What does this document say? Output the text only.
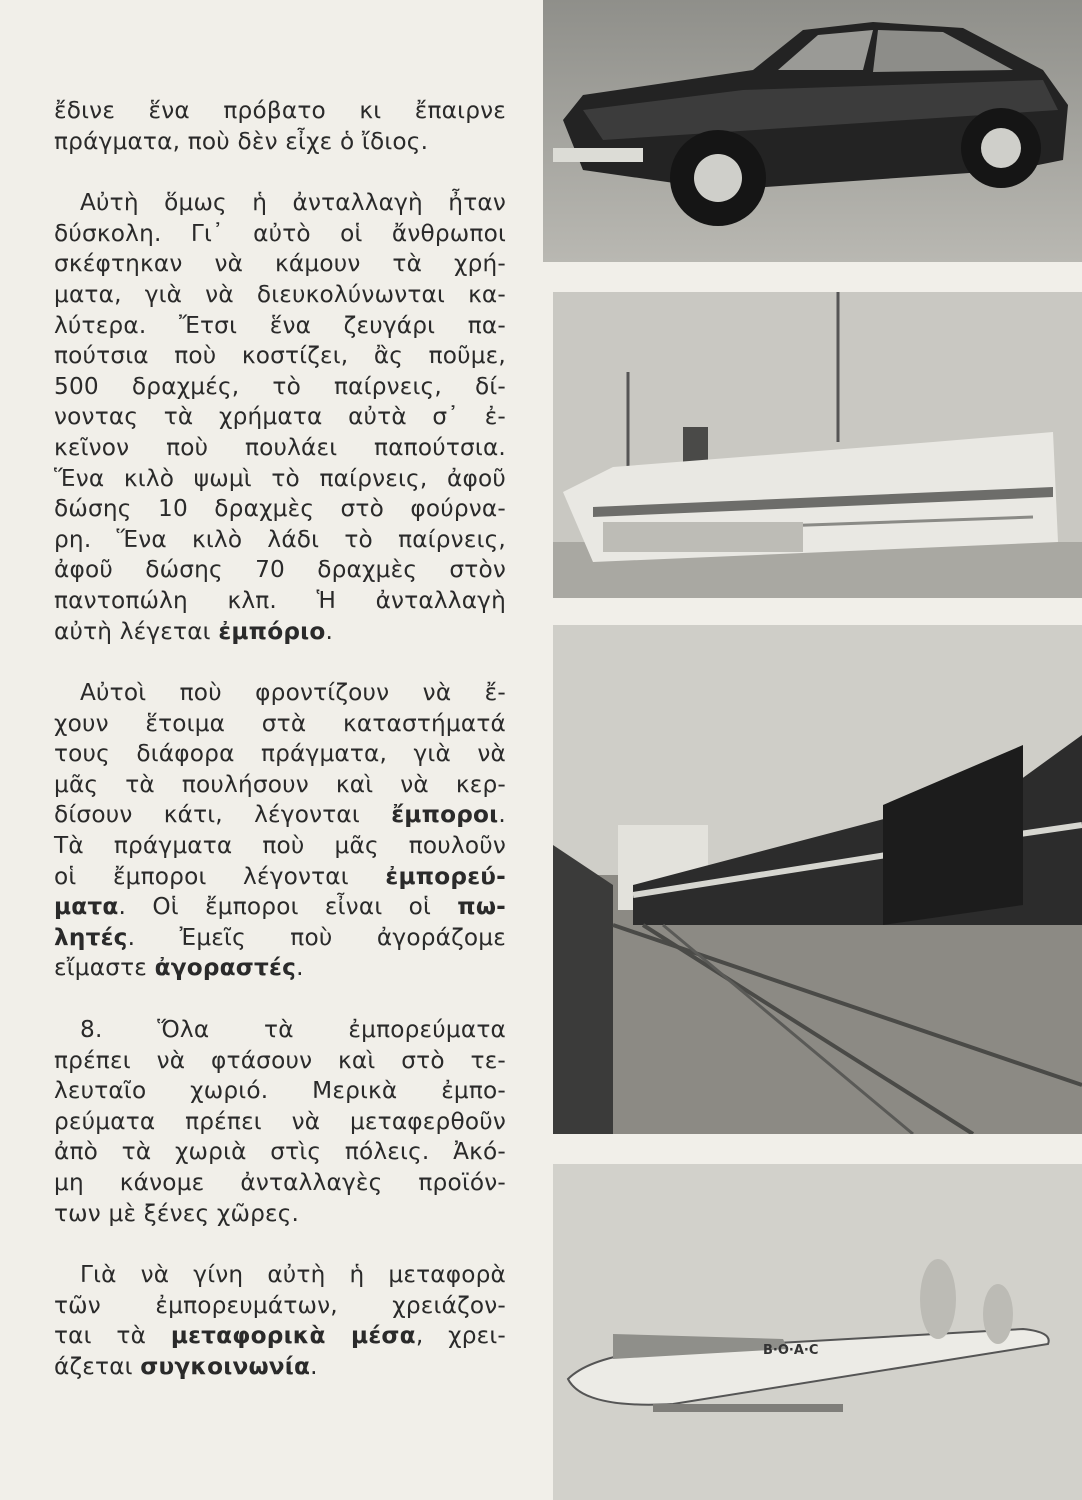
ἔδινε ἕνα πρόβατο κι ἔπαιρνε
πράγματα, ποὺ δὲν εἶχε ὁ ἴδιος.

Αὐτὴ ὅμως ἡ ἀνταλλαγὴ ἦταν
δύσκολη. Γι᾽ αὐτὸ οἱ ἄνθρωποι
σκέφτηκαν νὰ κάμουν τὰ χρή-
ματα, γιὰ νὰ διευκολύνωνται κα-
λύτερα. Ἔτσι ἕνα ζευγάρι πα-
πούτσια ποὺ κοστίζει, ἂς ποῦμε,
500 δραχμές, τὸ παίρνεις, δί-
νοντας τὰ χρήματα αὐτὰ σ᾽ ἐ-
κεῖνον ποὺ πουλάει παπούτσια.
Ἕνα κιλὸ ψωμὶ τὸ παίρνεις, ἀφοῦ
δώσης 10 δραχμὲς στὸ φούρνα-
ρη. Ἕνα κιλὸ λάδι τὸ παίρνεις,
ἀφοῦ δώσης 70 δραχμὲς στὸν
παντοπώλη κλπ. Ἡ ἀνταλλαγὴ
αὐτὴ λέγεται ἐμπόριο.

Αὐτοὶ ποὺ φροντίζουν νὰ ἔ-
χουν ἕτοιμα στὰ καταστήματά
τους διάφορα πράγματα, γιὰ νὰ
μᾶς τὰ πουλήσουν καὶ νὰ κερ-
δίσουν κάτι, λέγονται ἔμποροι.
Τὰ πράγματα ποὺ μᾶς πουλοῦν
οἱ ἔμποροι λέγονται ἐμπορεύ-
ματα. Οἱ ἔμποροι εἶναι οἱ πω-
λητές. Ἐμεῖς ποὺ ἀγοράζομε
εἴμαστε ἀγοραστές.

8. Ὅλα τὰ ἐμπορεύματα
πρέπει νὰ φτάσουν καὶ στὸ τε-
λευταῖο χωριό. Μερικὰ ἐμπο-
ρεύματα πρέπει νὰ μεταφερθοῦν
ἀπὸ τὰ χωριὰ στὶς πόλεις. Ἀκό-
μη κάνομε ἀνταλλαγὲς προϊόν-
των μὲ ξένες χῶρες.

Γιὰ νὰ γίνη αὐτὴ ἡ μεταφορὰ
τῶν ἐμπορευμάτων, χρειάζον-
ται τὰ μεταφορικὰ μέσα, χρει-
άζεται συγκοινωνία.

B·O·A·C
